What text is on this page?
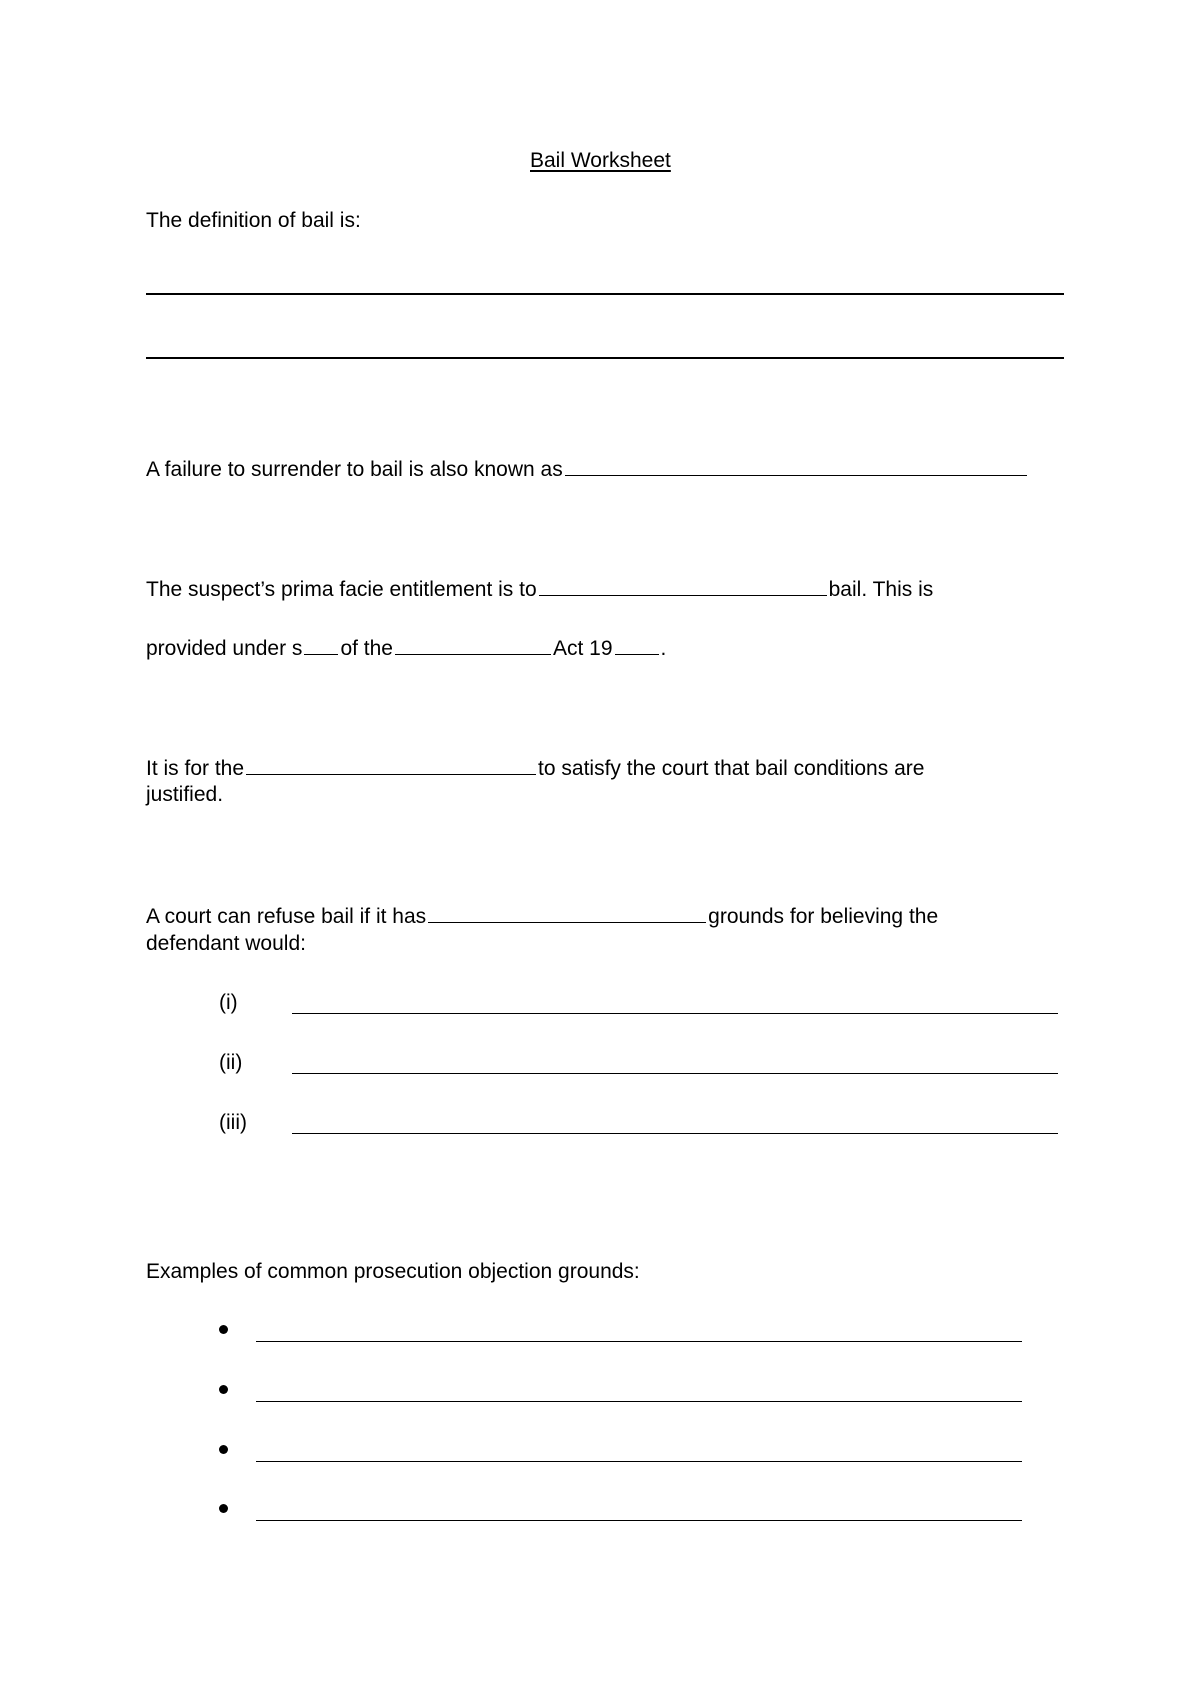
Bail Worksheet
The definition of bail is:
A failure to surrender to bail is also known as
The suspect’s prima facie entitlement is to	bail. This is
provided under s of the	Act 19 .
It is for the	to satisfy the court that bail conditions are
justified.
A court can refuse bail if it has	grounds for believing the
defendant would:
(i)
(ii)
(iii)
Examples of common prosecution objection grounds:
